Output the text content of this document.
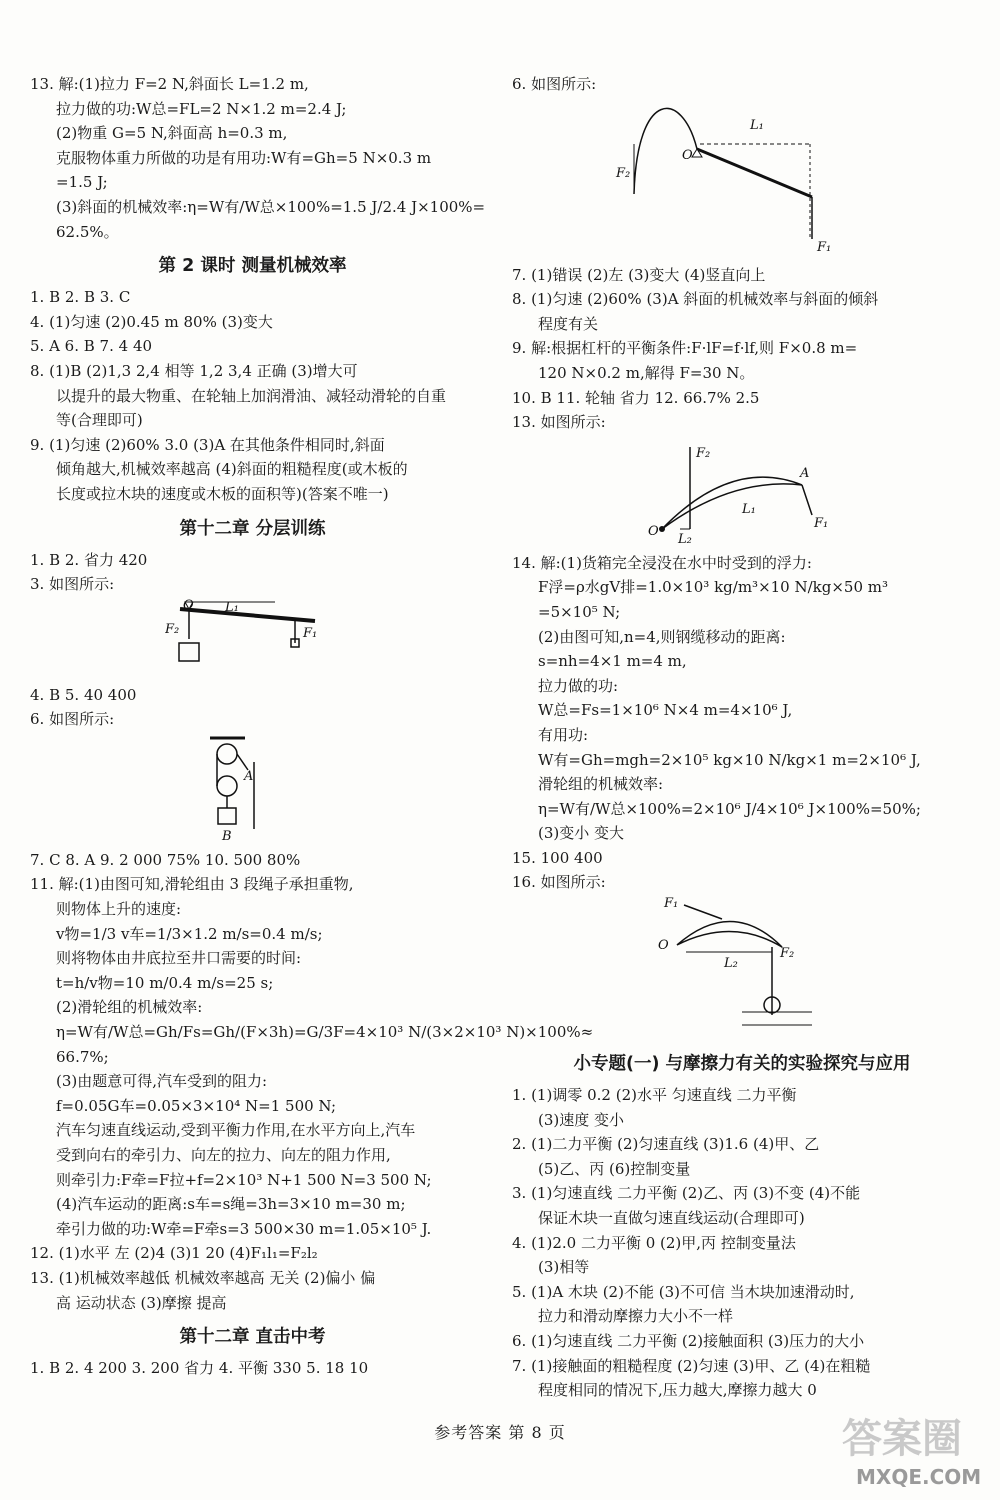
13. 解:(1)拉力 F=2 N,斜面长 L=1.2 m,
拉力做的功:W总=FL=2 N×1.2 m=2.4 J;
(2)物重 G=5 N,斜面高 h=0.3 m,
克服物体重力所做的功是有用功:W有=Gh=5 N×0.3 m
=1.5 J;
(3)斜面的机械效率:η=W有/W总×100%=1.5 J/2.4 J×100%=
62.5%。
第 2 课时 测量机械效率
1. B 2. B 3. C
4. (1)匀速 (2)0.45 m 80% (3)变大
5. A 6. B 7. 4 40
8. (1)B (2)1,3 2,4 相等 1,2 3,4 正确 (3)增大可
以提升的最大物重、在轮轴上加润滑油、减轻动滑轮的自重
等(合理即可)
9. (1)匀速 (2)60% 3.0 (3)A 在其他条件相同时,斜面
倾角越大,机械效率越高 (4)斜面的粗糙程度(或木板的
长度或拉木块的速度或木板的面积等)(答案不唯一)
第十二章 分层训练
1. B 2. 省力 420
3. 如图所示:
O L₁
F₁
F₂
4. B 5. 40 400
6. 如图所示:
A
B
7. C 8. A 9. 2 000 75% 10. 500 80%
11. 解:(1)由图可知,滑轮组由 3 段绳子承担重物,
则物体上升的速度:
v物=1/3 v车=1/3×1.2 m/s=0.4 m/s;
则将物体由井底拉至井口需要的时间:
t=h/v物=10 m/0.4 m/s=25 s;
(2)滑轮组的机械效率:
η=W有/W总=Gh/Fs=Gh/(F×3h)=G/3F=4×10³ N/(3×2×10³ N)×100%≈
66.7%;
(3)由题意可得,汽车受到的阻力:
f=0.05G车=0.05×3×10⁴ N=1 500 N;
汽车匀速直线运动,受到平衡力作用,在水平方向上,汽车
受到向右的牵引力、向左的拉力、向左的阻力作用,
则牵引力:F牵=F拉+f=2×10³ N+1 500 N=3 500 N;
(4)汽车运动的距离:s车=s绳=3h=3×10 m=30 m;
牵引力做的功:W牵=F牵s=3 500×30 m=1.05×10⁵ J.
12. (1)水平 左 (2)4 (3)1 20 (4)F₁l₁=F₂l₂
13. (1)机械效率越低 机械效率越高 无关 (2)偏小 偏
高 运动状态 (3)摩擦 提高
第十二章 直击中考
1. B 2. 4 200 3. 200 省力 4. 平衡 330 5. 18 10
6. 如图所示:
O
L₁
F₁
F₂
7. (1)错误 (2)左 (3)变大 (4)竖直向上
8. (1)匀速 (2)60% (3)A 斜面的机械效率与斜面的倾斜
程度有关
9. 解:根据杠杆的平衡条件:F·lF=f·lf,则 F×0.8 m=
120 N×0.2 m,解得 F=30 N。
10. B 11. 轮轴 省力 12. 66.7% 2.5
13. 如图所示:
O
A
L₁
L₂
F₂
F₁
14. 解:(1)货箱完全浸没在水中时受到的浮力:
F浮=ρ水gV排=1.0×10³ kg/m³×10 N/kg×50 m³
=5×10⁵ N;
(2)由图可知,n=4,则钢缆移动的距离:
s=nh=4×1 m=4 m,
拉力做的功:
W总=Fs=1×10⁶ N×4 m=4×10⁶ J,
有用功:
W有=Gh=mgh=2×10⁵ kg×10 N/kg×1 m=2×10⁶ J,
滑轮组的机械效率:
η=W有/W总×100%=2×10⁶ J/4×10⁶ J×100%=50%;
(3)变小 变大
15. 100 400
16. 如图所示:
O
F₁
L₂
F₂
小专题(一) 与摩擦力有关的实验探究与应用
1. (1)调零 0.2 (2)水平 匀速直线 二力平衡
(3)速度 变小
2. (1)二力平衡 (2)匀速直线 (3)1.6 (4)甲、乙
(5)乙、丙 (6)控制变量
3. (1)匀速直线 二力平衡 (2)乙、丙 (3)不变 (4)不能
保证木块一直做匀速直线运动(合理即可)
4. (1)2.0 二力平衡 0 (2)甲,丙 控制变量法
(3)相等
5. (1)A 木块 (2)不能 (3)不可信 当木块加速滑动时,
拉力和滑动摩擦力大小不一样
6. (1)匀速直线 二力平衡 (2)接触面积 (3)压力的大小
7. (1)接触面的粗糙程度 (2)匀速 (3)甲、乙 (4)在粗糙
程度相同的情况下,压力越大,摩擦力越大 0
参考答案 第 8 页	答案圈
MXQE.COM
